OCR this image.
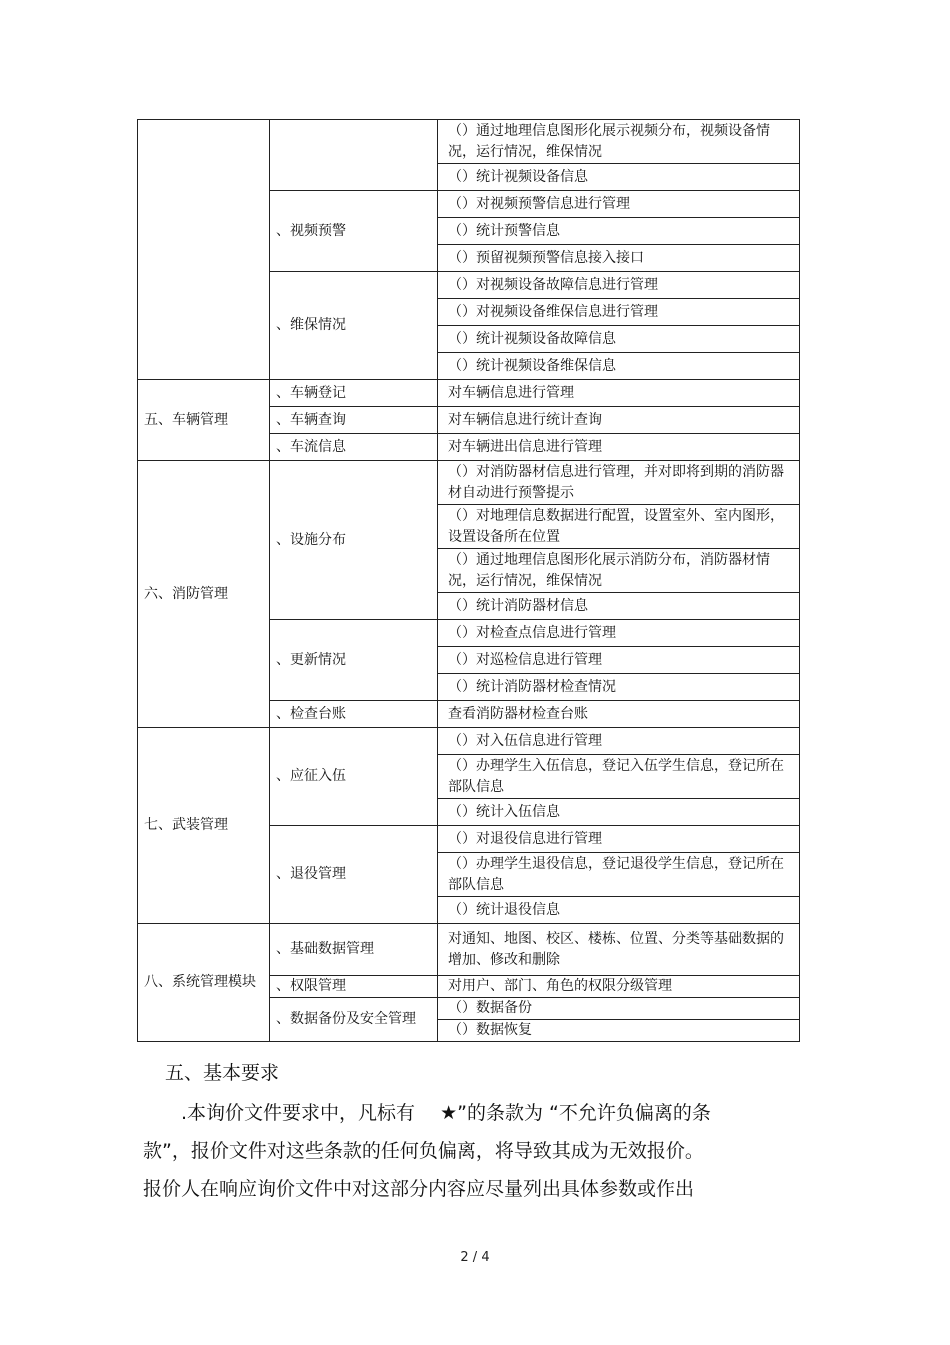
		（）通过地理信息图形化展示视频分布，视频设备情况，运行情况，维保情况
		（）统计视频设备信息
	、视频预警	（）对视频预警信息进行管理
		（）统计预警信息
		（）预留视频预警信息接入接口
	、维保情况	（）对视频设备故障信息进行管理
		（）对视频设备维保信息进行管理
		（）统计视频设备故障信息
		（）统计视频设备维保信息
五、车辆管理	、车辆登记	对车辆信息进行管理
	、车辆查询	对车辆信息进行统计查询
	、车流信息	对车辆进出信息进行管理
六、消防管理	、设施分布	（）对消防器材信息进行管理，并对即将到期的消防器材自动进行预警提示
		（）对地理信息数据进行配置，设置室外、室内图形，设置设备所在位置
		（）通过地理信息图形化展示消防分布，消防器材情况，运行情况，维保情况
		（）统计消防器材信息
	、更新情况	（）对检查点信息进行管理
		（）对巡检信息进行管理
		（）统计消防器材检查情况
	、检查台账	查看消防器材检查台账
七、武装管理	、应征入伍	（）对入伍信息进行管理
		（）办理学生入伍信息，登记入伍学生信息，登记所在部队信息
		（）统计入伍信息
	、退役管理	（）对退役信息进行管理
		（）办理学生退役信息，登记退役学生信息，登记所在部队信息
		（）统计退役信息
八、系统管理模块	、基础数据管理	对通知、地图、校区、楼栋、位置、分类等基础数据的增加、修改和删除
	、权限管理	对用户、部门、角色的权限分级管理
	、数据备份及安全管理	（）数据备份
		（）数据恢复
五、基本要求
　　.本询价文件要求中，凡标有 　★”的条款为 “不允许负偏离的条
款”，报价文件对这些条款的任何负偏离，将导致其成为无效报价。
报价人在响应询价文件中对这部分内容应尽量列出具体参数或作出
2 / 4
